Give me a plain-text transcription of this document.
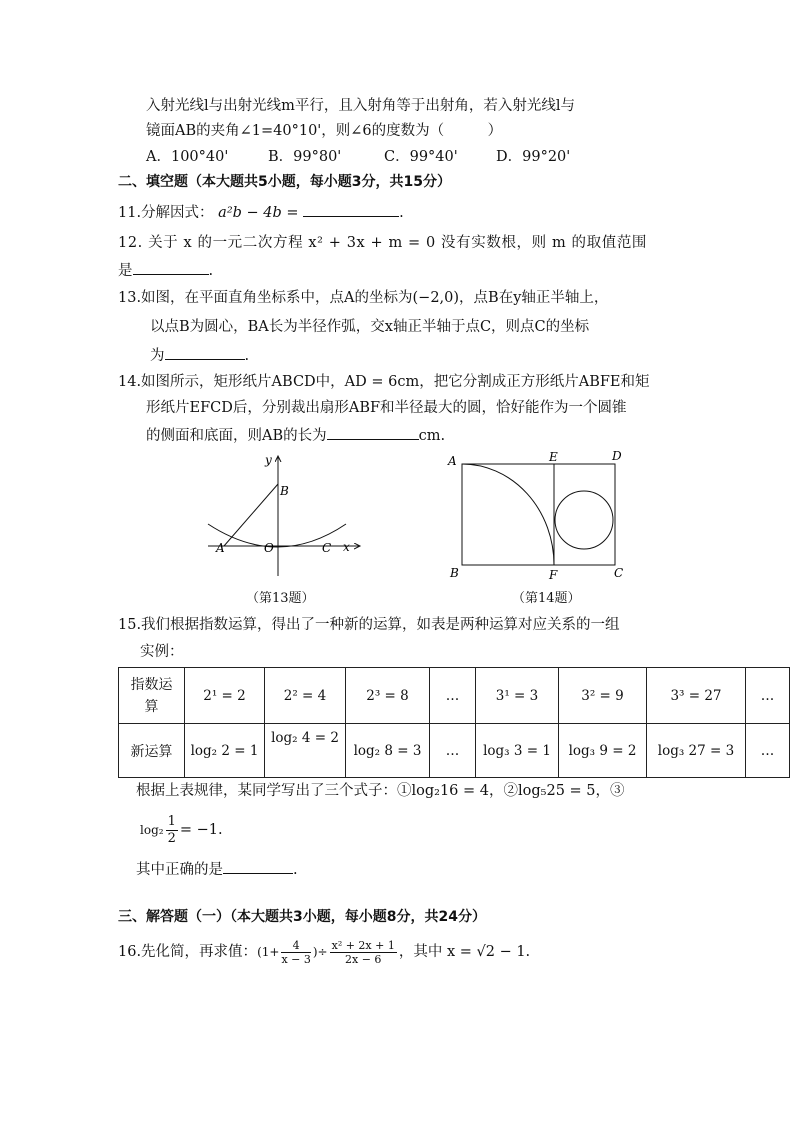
入射光线l与出射光线m平行，且入射角等于出射角，若入射光线l与
镜面AB的夹角∠1=40°10'，则∠6的度数为（　　　）
A．100°40'	B．99°80'	C．99°40'	D．99°20'
二、填空题（本大题共5小题，每小题3分，共15分）
11.分解因式： a²b − 4b =	.
12. 关于 x 的一元二次方程 x² + 3x + m = 0 没有实数根，则 m 的取值范围
是	.
13.如图，在平面直角坐标系中，点A的坐标为(−2,0)，点B在y轴正半轴上，
以点B为圆心，BA长为半径作弧，交x轴正半轴于点C，则点C的坐标
为	.
14.如图所示，矩形纸片ABCD中，AD = 6cm，把它分割成正方形纸片ABFE和矩
形纸片EFCD后，分别裁出扇形ABF和半径最大的圆，恰好能作为一个圆锥
的侧面和底面，则AB的长为	cm.
y
x
A	O
B
C
（第13题）
A	E	D
B	F	C
（第14题）
15.我们根据指数运算，得出了一种新的运算，如表是两种运算对应关系的一组
实例：
指数运
算	2¹ = 2	2² = 4	2³ = 8	…	3¹ = 3	3² = 9	3³ = 27	…
新运算	log₂ 2 = 1	log₂ 4 = 2	log₂ 8 = 3	…	log₃ 3 = 1	log₃ 9 = 2	log₃ 27 = 3	…
根据上表规律，某同学写出了三个式子：①log₂16 = 4，②log₅25 = 5，③
$\log_2 \frac{1}{2} = -1$.
其中正确的是	.
三、解答题（一）（本大题共3小题，每小题8分，共24分）
16.先化简，再求值：($1+ \frac{4}{x - 3}$ )÷ $\frac{\text{x² + 2x + 1}}{2x - 6}$ ，其中 x = √2 − 1.
